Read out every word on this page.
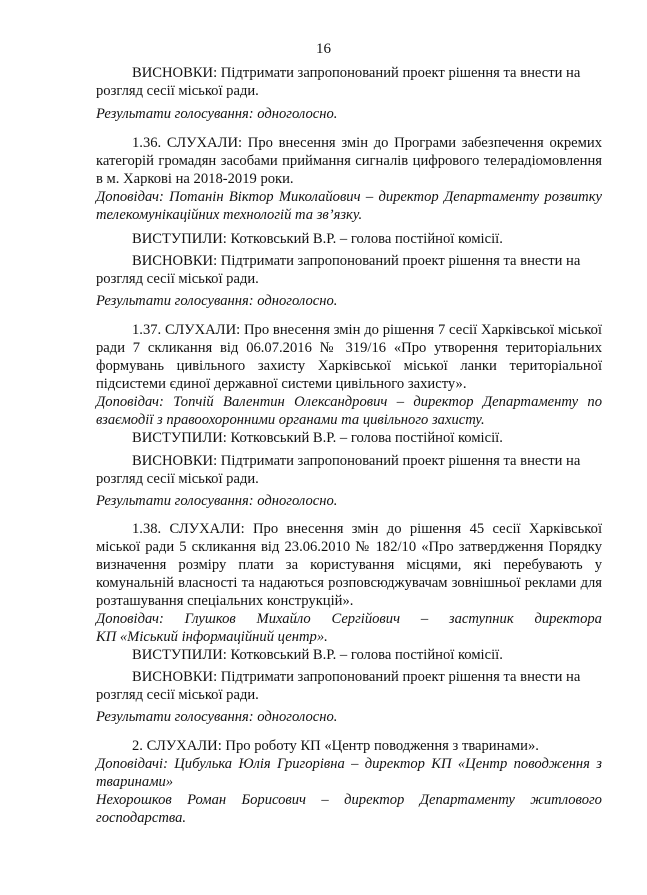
16

ВИСНОВКИ: Підтримати запропонований проект рішення та внести на

розгляд сесії міської ради.

Результати голосування: одноголосно.

1.36. СЛУХАЛИ: Про внесення змін до Програми забезпечення окремих категорій громадян засобами приймання сигналів цифрового телерадіомовлення в м. Харкові на 2018-2019 роки.

Доповідач: Потанін Віктор Миколайович – директор Департаменту розвитку телекомунікаційних технологій та зв’язку.

ВИСТУПИЛИ: Котковський В.Р. – голова постійної комісії.

ВИСНОВКИ: Підтримати запропонований проект рішення та внести на

розгляд сесії міської ради.

Результати голосування: одноголосно.

1.37. СЛУХАЛИ: Про внесення змін до рішення 7 сесії Харківської міської ради 7 скликання від 06.07.2016 № 319/16 «Про утворення територіальних формувань цивільного захисту Харківської міської ланки територіальної підсистеми єдиної державної системи цивільного захисту».

Доповідач: Топчій Валентин Олександрович – директор Департаменту по взаємодії з правоохоронними органами та цивільного захисту.

ВИСТУПИЛИ: Котковський В.Р. – голова постійної комісії.

ВИСНОВКИ: Підтримати запропонований проект рішення та внести на

розгляд сесії міської ради.

Результати голосування: одноголосно.

1.38. СЛУХАЛИ: Про внесення змін до рішення 45 сесії Харківської міської ради 5 скликання від 23.06.2010 № 182/10 «Про затвердження Порядку визначення розміру плати за користування місцями, які перебувають у комунальній власності та надаються розповсюджувачам зовнішньої реклами для розташування спеціальних конструкцій».

Доповідач: Глушков Михайло Сергійович – заступник директора

КП «Міський інформаційний центр».

ВИСТУПИЛИ: Котковський В.Р. – голова постійної комісії.

ВИСНОВКИ: Підтримати запропонований проект рішення та внести на

розгляд сесії міської ради.

Результати голосування: одноголосно.

2. СЛУХАЛИ: Про роботу КП «Центр поводження з тваринами».

Доповідачі: Цибулька Юлія Григорівна – директор КП «Центр поводження з тваринами»

Нехорошков Роман Борисович – директор Департаменту житлового

господарства.
